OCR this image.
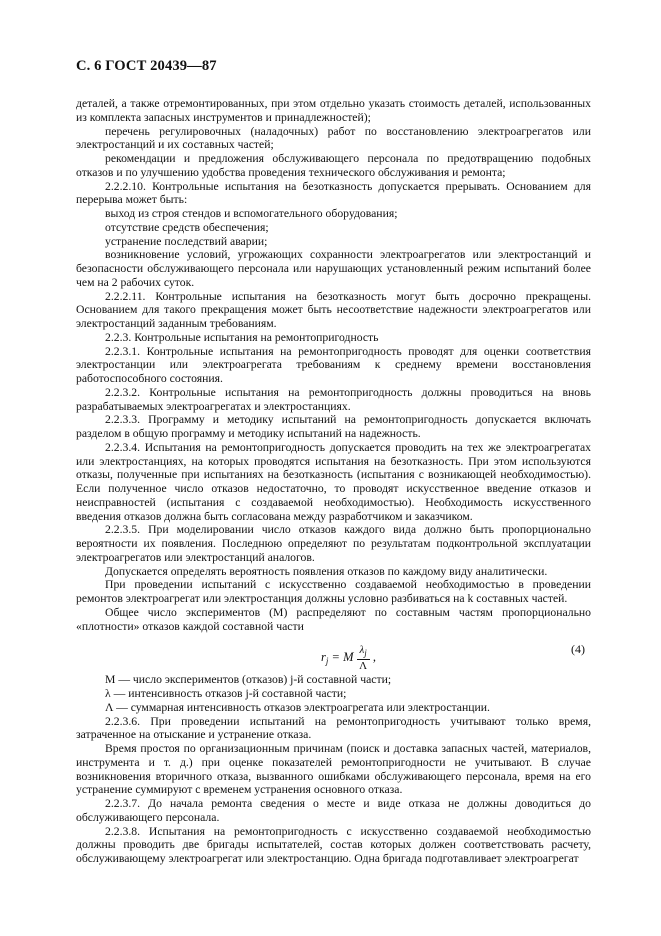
С. 6 ГОСТ 20439—87

деталей, а также отремонтированных, при этом отдельно указать стоимость деталей, использованных из комплекта запасных инструментов и принадлежностей);

перечень регулировочных (наладочных) работ по восстановлению электроагрегатов или электростанций и их составных частей;

рекомендации и предложения обслуживающего персонала по предотвращению подобных отказов и по улучшению удобства проведения технического обслуживания и ремонта;

2.2.2.10. Контрольные испытания на безотказность допускается прерывать. Основанием для перерыва может быть:

выход из строя стендов и вспомогательного оборудования;

отсутствие средств обеспечения;

устранение последствий аварии;

возникновение условий, угрожающих сохранности электроагрегатов или электростанций и безопасности обслуживающего персонала или нарушающих установленный режим испытаний более чем на 2 рабочих суток.

2.2.2.11. Контрольные испытания на безотказность могут быть досрочно прекращены. Основанием для такого прекращения может быть несоответствие надежности электроагрегатов или электростанций заданным требованиям.

2.2.3. Контрольные испытания на ремонтопригодность

2.2.3.1. Контрольные испытания на ремонтопригодность проводят для оценки соответствия электростанции или электроагрегата требованиям к среднему времени восстановления работоспособного состояния.

2.2.3.2. Контрольные испытания на ремонтопригодность должны проводиться на вновь разрабатываемых электроагрегатах и электростанциях.

2.2.3.3. Программу и методику испытаний на ремонтопригодность допускается включать разделом в общую программу и методику испытаний на надежность.

2.2.3.4. Испытания на ремонтопригодность допускается проводить на тех же электроагрегатах или электростанциях, на которых проводятся испытания на безотказность. При этом используются отказы, полученные при испытаниях на безотказность (испытания с возникающей необходимостью). Если полученное число отказов недостаточно, то проводят искусственное введение отказов и неисправностей (испытания с создаваемой необходимостью). Необходимость искусственного введения отказов должна быть согласована между разработчиком и заказчиком.

2.2.3.5. При моделировании число отказов каждого вида должно быть пропорционально вероятности их появления. Последнюю определяют по результатам подконтрольной эксплуатации электроагрегатов или электростанций аналогов.

Допускается определять вероятность появления отказов по каждому виду аналитически.

При проведении испытаний с искусственно создаваемой необходимостью в проведении ремонтов электроагрегат или электростанция должны условно разбиваться на k составных частей.

Общее число экспериментов (М) распределяют по составным частям пропорционально «плотности» отказов каждой составной части

$r_j = M \frac{\lambda_j}{\Lambda}$ ,
(4)

M — число экспериментов (отказов) j-й составной части;

λ — интенсивность отказов j-й составной части;

Λ — суммарная интенсивность отказов электроагрегата или электростанции.

2.2.3.6. При проведении испытаний на ремонтопригодность учитывают только время, затраченное на отыскание и устранение отказа.

Время простоя по организационным причинам (поиск и доставка запасных частей, материалов, инструмента и т. д.) при оценке показателей ремонтопригодности не учитывают. В случае возникновения вторичного отказа, вызванного ошибками обслуживающего персонала, время на его устранение суммируют с временем устранения основного отказа.

2.2.3.7. До начала ремонта сведения о месте и виде отказа не должны доводиться до обслуживающего персонала.

2.2.3.8. Испытания на ремонтопригодность с искусственно создаваемой необходимостью должны проводить две бригады испытателей, состав которых должен соответствовать расчету, обслуживающему электроагрегат или электростанцию. Одна бригада подготавливает электроагрегат
